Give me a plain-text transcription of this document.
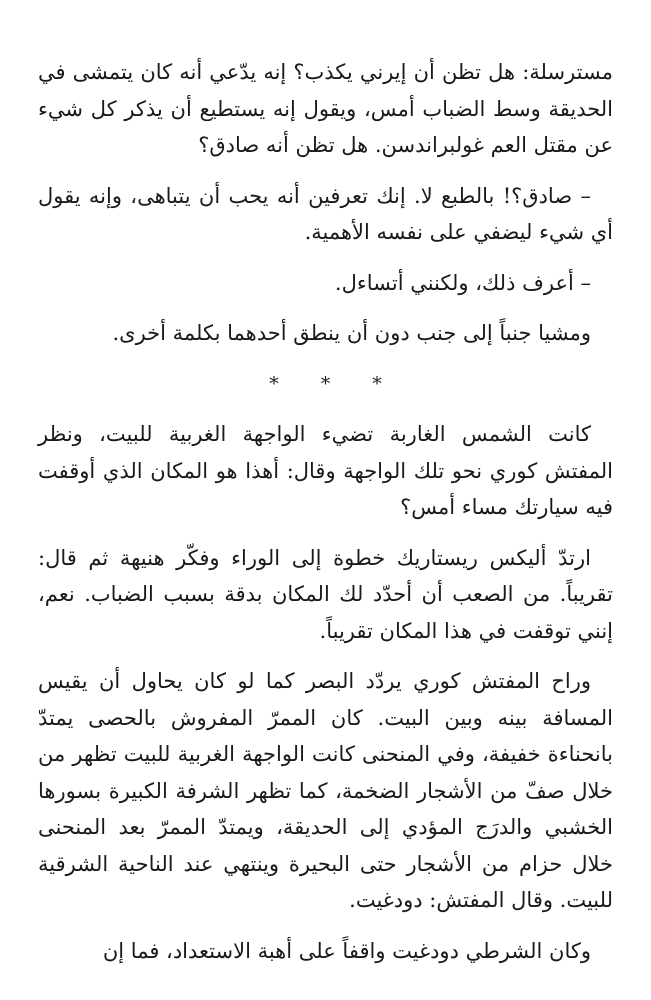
مسترسلة: هل تظن أن إيرني يكذب؟ إنه يدّعي أنه كان يتمشى في الحديقة وسط الضباب أمس، ويقول إنه يستطيع أن يذكر كل شيء عن مقتل العم غولبراندسن. هل تظن أنه صادق؟

– صادق؟! بالطبع لا. إنك تعرفين أنه يحب أن يتباهى، وإنه يقول أي شيء ليضفي على نفسه الأهمية.

– أعرف ذلك، ولكنني أتساءل.

ومشيا جنباً إلى جنب دون أن ينطق أحدهما بكلمة أخرى.

* * *

كانت الشمس الغاربة تضيء الواجهة الغربية للبيت، ونظر المفتش كوري نحو تلك الواجهة وقال: أهذا هو المكان الذي أوقفت فيه سيارتك مساء أمس؟

ارتدّ أليكس ريستاريك خطوة إلى الوراء وفكّر هنيهة ثم قال: تقريباً. من الصعب أن أحدّد لك المكان بدقة بسبب الضباب. نعم، إنني توقفت في هذا المكان تقريباً.

وراح المفتش كوري يردّد البصر كما لو كان يحاول أن يقيس المسافة بينه وبين البيت. كان الممرّ المفروش بالحصى يمتدّ بانحناءة خفيفة، وفي المنحنى كانت الواجهة الغربية للبيت تظهر من خلال صفّ من الأشجار الضخمة، كما تظهر الشرفة الكبيرة بسورها الخشبي والدرَج المؤدي إلى الحديقة، ويمتدّ الممرّ بعد المنحنى خلال حزام من الأشجار حتى البحيرة وينتهي عند الناحية الشرقية للبيت. وقال المفتش: دودغيت.

وكان الشرطي دودغيت واقفاً على أهبة الاستعداد، فما إن
